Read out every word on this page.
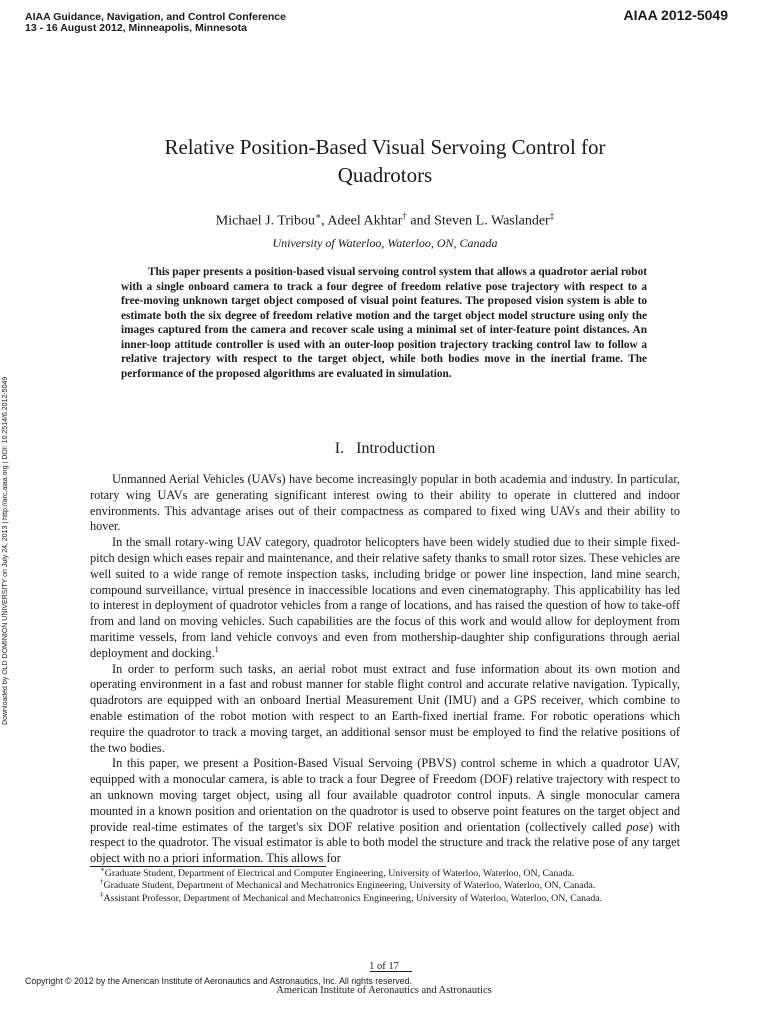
AIAA Guidance, Navigation, and Control Conference
13 - 16 August 2012, Minneapolis, Minnesota
AIAA 2012-5049
Downloaded by OLD DOMINION UNIVERSITY on July 24, 2013 | http://arc.aiaa.org | DOI: 10.2514/6.2012-5049
Relative Position-Based Visual Servoing Control for
Quadrotors
Michael J. Tribou∗, Adeel Akhtar† and Steven L. Waslander‡
University of Waterloo, Waterloo, ON, Canada

This paper presents a position-based visual servoing control system that allows a quadrotor aerial robot with a single onboard camera to track a four degree of freedom relative pose trajectory with respect to a free-moving unknown target object composed of visual point features. The proposed vision system is able to estimate both the six degree of freedom relative motion and the target object model structure using only the images captured from the camera and recover scale using a minimal set of inter-feature point distances. An inner-loop attitude controller is used with an outer-loop position trajectory tracking control law to follow a relative trajectory with respect to the target object, while both bodies move in the inertial frame. The performance of the proposed algorithms are evaluated in simulation.

I. Introduction

Unmanned Aerial Vehicles (UAVs) have become increasingly popular in both academia and industry. In particular, rotary wing UAVs are generating significant interest owing to their ability to operate in cluttered and indoor environments. This advantage arises out of their compactness as compared to fixed wing UAVs and their ability to hover.

In the small rotary-wing UAV category, quadrotor helicopters have been widely studied due to their simple fixed-pitch design which eases repair and maintenance, and their relative safety thanks to small rotor sizes. These vehicles are well suited to a wide range of remote inspection tasks, including bridge or power line inspection, land mine search, compound surveillance, virtual presence in inaccessible locations and even cinematography. This applicability has led to interest in deployment of quadrotor vehicles from a range of locations, and has raised the question of how to take-off from and land on moving vehicles. Such capabilities are the focus of this work and would allow for deployment from maritime vessels, from land vehicle convoys and even from mothership-daughter ship configurations through aerial deployment and docking.$^1$

In order to perform such tasks, an aerial robot must extract and fuse information about its own motion and operating environment in a fast and robust manner for stable flight control and accurate relative navigation. Typically, quadrotors are equipped with an onboard Inertial Measurement Unit (IMU) and a GPS receiver, which combine to enable estimation of the robot motion with respect to an Earth-fixed inertial frame. For robotic operations which require the quadrotor to track a moving target, an additional sensor must be employed to find the relative positions of the two bodies.

In this paper, we present a Position-Based Visual Servoing (PBVS) control scheme in which a quadrotor UAV, equipped with a monocular camera, is able to track a four Degree of Freedom (DOF) relative trajectory with respect to an unknown moving target object, using all four available quadrotor control inputs. A single monocular camera mounted in a known position and orientation on the quadrotor is used to observe point features on the target object and provide real-time estimates of the target's six DOF relative position and orientation (collectively called pose) with respect to the quadrotor. The visual estimator is able to both model the structure and track the relative pose of any target object with no a priori information. This allows for

∗Graduate Student, Department of Electrical and Computer Engineering, University of Waterloo, Waterloo, ON, Canada.

†Graduate Student, Department of Mechanical and Mechatronics Engineering, University of Waterloo, Waterloo, ON, Canada.

‡Assistant Professor, Department of Mechanical and Mechatronics Engineering, University of Waterloo, Waterloo, ON, Canada.

1 of 17
Copyright © 2012 by the American Institute of Aeronautics and Astronautics, Inc. All rights reserved.
American Institute of Aeronautics and Astronautics
